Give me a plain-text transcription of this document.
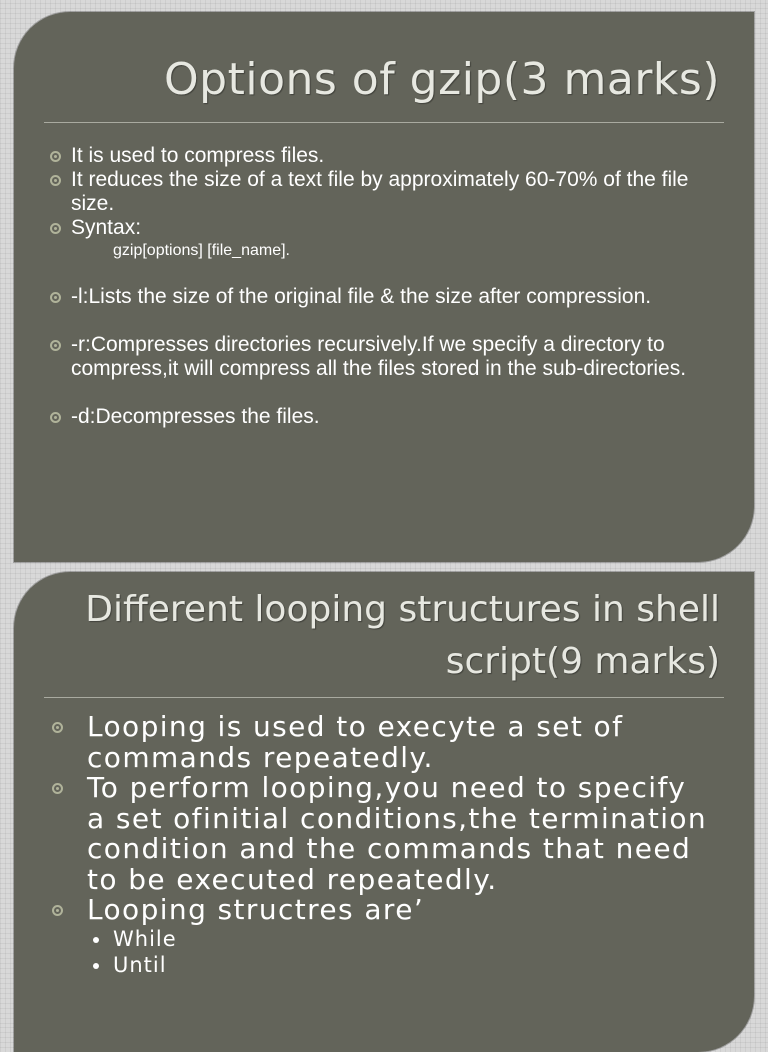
Options of gzip(3 marks)
It is used to compress files.
It reduces the size of a text file by approximately 60-70% of the file size.
Syntax:
gzip[options] [file_name].
-l:Lists the size of the original file & the size after compression.
-r:Compresses directories recursively.If we specify a directory to compress,it will compress all the files stored in the sub-directories.
-d:Decompresses the files.
Different looping structures in shell script(9 marks)
Looping is used to execyte a set of commands repeatedly.
To perform looping,you need to specify a set ofinitial conditions,the termination condition and the commands that need to be executed repeatedly.
Looping structres are’
While
Until
